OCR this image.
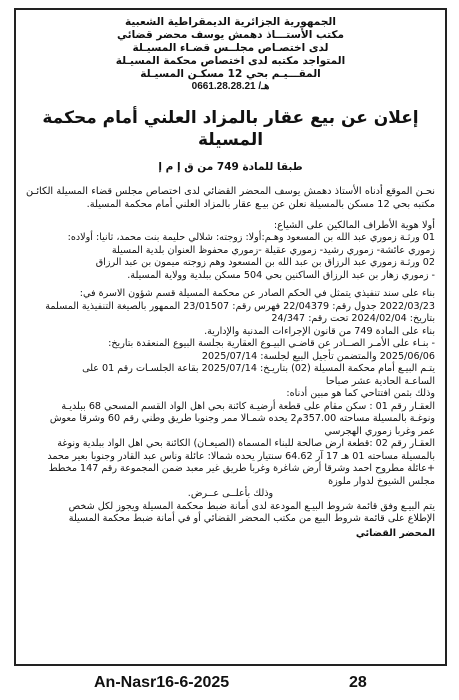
الجمهورية الجزائرية الديمقراطية الشعبية
مكتب الأستـــاذ دهمش يوسف محضر قضائي
لدى اختصـاص مجلــس قضـاء المسيـلة
المتواجد مكتبه لدى اختصاص محكمة المسيـلة
المقـــيـم بحي 12 مسكـن المسيـلة
هـ/ 0661.28.28.21
إعلان عن بيع عقار بالمزاد العلني أمام محكمة المسيلة
طبقا للمادة 749 من ق إ م إ

نحـن الموقع أدناه الأستاذ دهمش يوسف المحضر القضائي لدى اختصاص مجلس قضاء المسيلة الكائـن مكتبه بحي 12 مسكن بالمسيلة نعلن عن بيـع عقار بالمزاد العلني أمام محكمة المسيلة.

أولا هوية الأطراف المالكين على الشياع:

01 ورثـة زموري عبد الله بن المسعود وهـم:أولا: زوجته: شلالي حليمة بنت محمد، ثانيا: أولاده:

زموري عائشة- زموري رشيد- زموري عقيلة -زموري محفوظ العنوان بلدية المسيلة

02 ورثـة زموري عبد الرزاق بن عبد الله بن المسعود وهم زوجته ميمون بن عبد الرزاق

- زموري زهار بن عبد الرزاق الساكنين بحي 504 مسكن ببلدية وولاية المسيلة.

بناء على سند تنفيذي يتمثل في الحكم الصادر عن محكمة المسيلة قسم شؤون الاسرة في:

2022/03/23 جدول رقم: 22/04379 فهرس رقم: 23/01507 الممهور بالصيغة التنفيذية المسلمة

بتاريخ: 2024/02/04 تحت رقم: 24/347

بناء على المادة 749 من قانون الإجراءات المدنية والإدارية.

- بنـاء على الأمـر الصــادر عن قاضـي البيـوع العقارية بجلسة البيوع المنعقدة بتاريخ:

2025/06/06 والمتضمن تأجيل البيع لجلسة: 2025/07/14

يتـم البيـع أمام محكمة المسيلة (02) بتاريـخ: 2025/07/14 بقاعة الجلسـات رقم 01 على

الساعـة الحادية عشر صباحا

وذلك بثمن افتتاحي كما هو مبين أدناه:

العقـار رقم 01 : سكن مقام على قطعة أرضيـة كائنة بحي اهل الواد القسم المسحي 68 ببلديـة

ونوغـة بالمسيلة مساحته 357.00م2 يحده شمـالا ممر وجنوبا طريق وطني رقم 60 وشرقا معوش

عمر وغربا زموري الهجرسي

العقـار رقم 02 :قطعة ارض صالحة للبناء المسماة (الصيعـان) الكائنة بحي اهل الواد ببلدية ونوغة

بالمسيلة مساحته 01 هـ 17 آر 64.62 سنتيار يحده شمالا: عائلة وناس عبد القادر وجنوبا بعير محمد

+عائلة مطروح احمد وشرقا أرض شاغرة وغربا طريق غير معبد ضمن المجموعة رقم 147 مخطط

مجلس الشيوخ لدوار ملوزة

وذلك بأعلــى عــرض.

يتم البيـع وفق قائمة شروط البيـع المودعة لدى أمانة ضبط محكمة المسيلة ويجوز لكل شخص

الإطلاع على قائمة شروط البيع من مكتب المحضر القضائي أو في أمانة ضبط محكمة المسيلة

المحضر القضائي
An-Nasr16-6-2025	28
